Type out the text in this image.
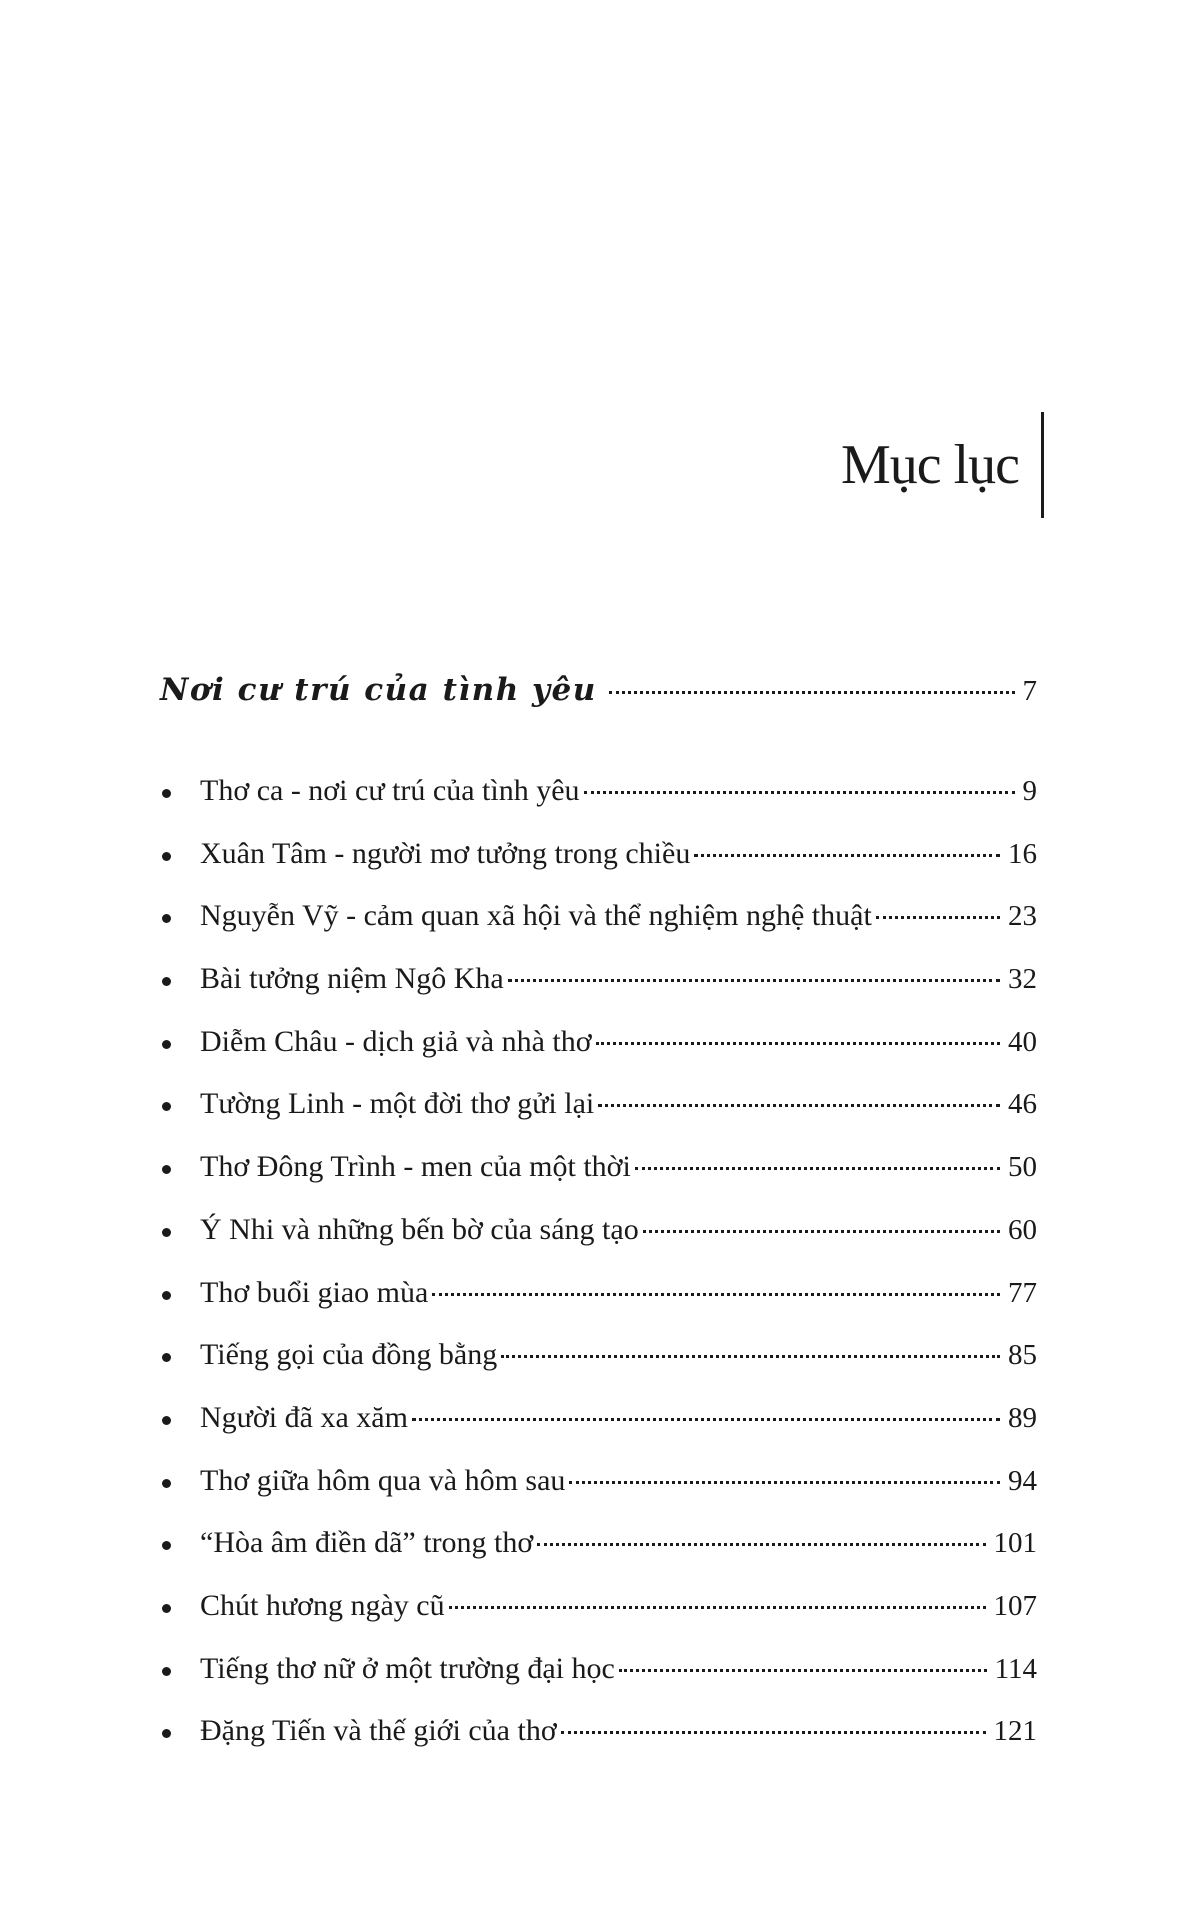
Mục lục
Nơi cư trú của tình yêu	7
Thơ ca - nơi cư trú của tình yêu	9
Xuân Tâm - người mơ tưởng trong chiều	16
Nguyễn Vỹ - cảm quan xã hội và thể nghiệm nghệ thuật	23
Bài tưởng niệm Ngô Kha	32
Diễm Châu - dịch giả và nhà thơ	40
Tường Linh - một đời thơ gửi lại	46
Thơ Đông Trình - men của một thời	50
Ý Nhi và những bến bờ của sáng tạo	60
Thơ buổi giao mùa	77
Tiếng gọi của đồng bằng	85
Người đã xa xăm	89
Thơ giữa hôm qua và hôm sau	94
“Hòa âm điền dã” trong thơ	101
Chút hương ngày cũ	107
Tiếng thơ nữ ở một trường đại học	114
Đặng Tiến và thế giới của thơ	121
